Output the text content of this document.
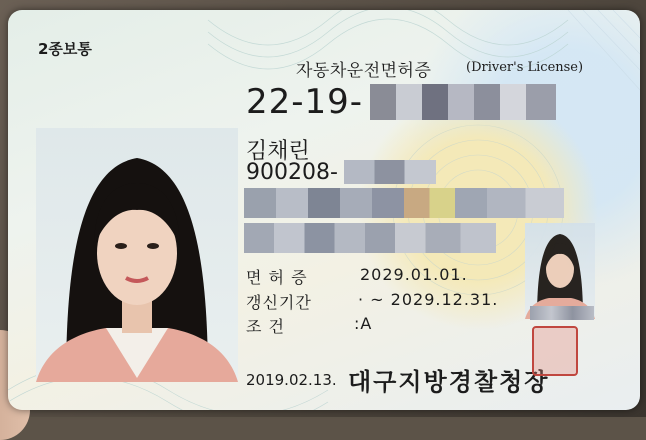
2종보통
자동차운전면허증	(Driver's License)
22-19-
김채린
900208-
면 허 증	2029.01.01.
갱신기간	· ~ 2029.12.31.
조 건	:A
2019.02.13. 대구지방경찰청장
